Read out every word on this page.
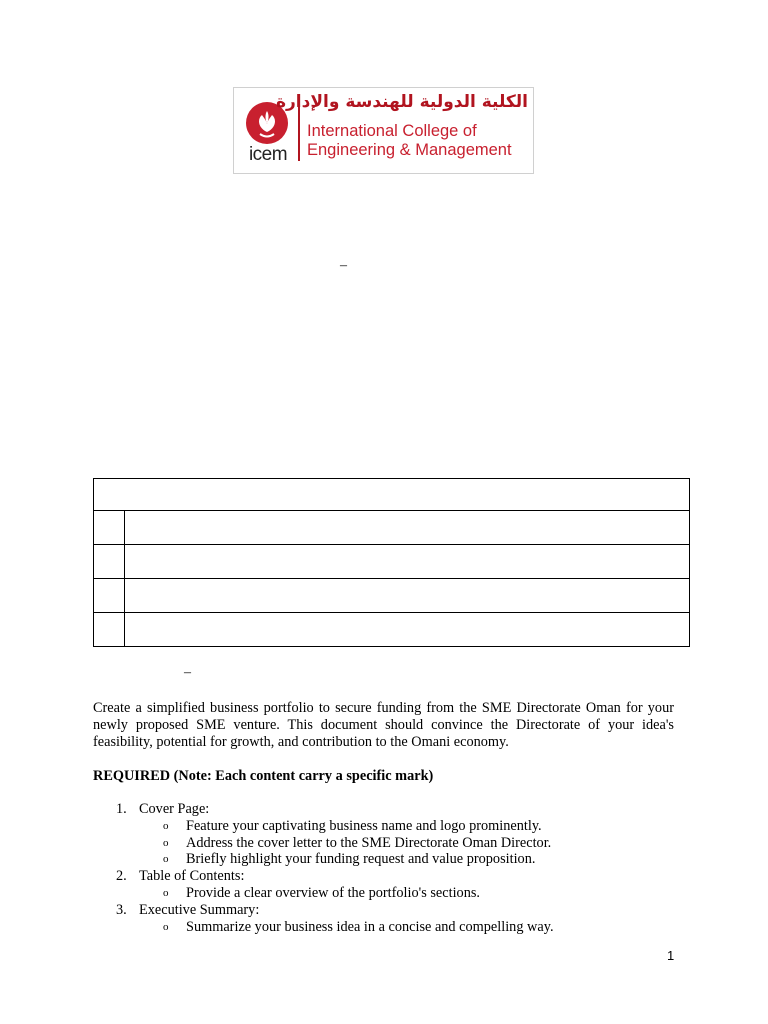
icem
الكلية الدولية للهندسة والإدارة
International College of
Engineering & Management
–

–
Create a simplified business portfolio to secure funding from the SME Directorate Oman for your newly proposed SME venture. This document should convince the Directorate of your idea's feasibility, potential for growth, and contribution to the Omani economy.
REQUIRED (Note: Each content carry a specific mark)
1. Cover Page:
o Feature your captivating business name and logo prominently.
o Address the cover letter to the SME Directorate Oman Director.
o Briefly highlight your funding request and value proposition.
2. Table of Contents:
o Provide a clear overview of the portfolio's sections.
3. Executive Summary:
o Summarize your business idea in a concise and compelling way.
1
